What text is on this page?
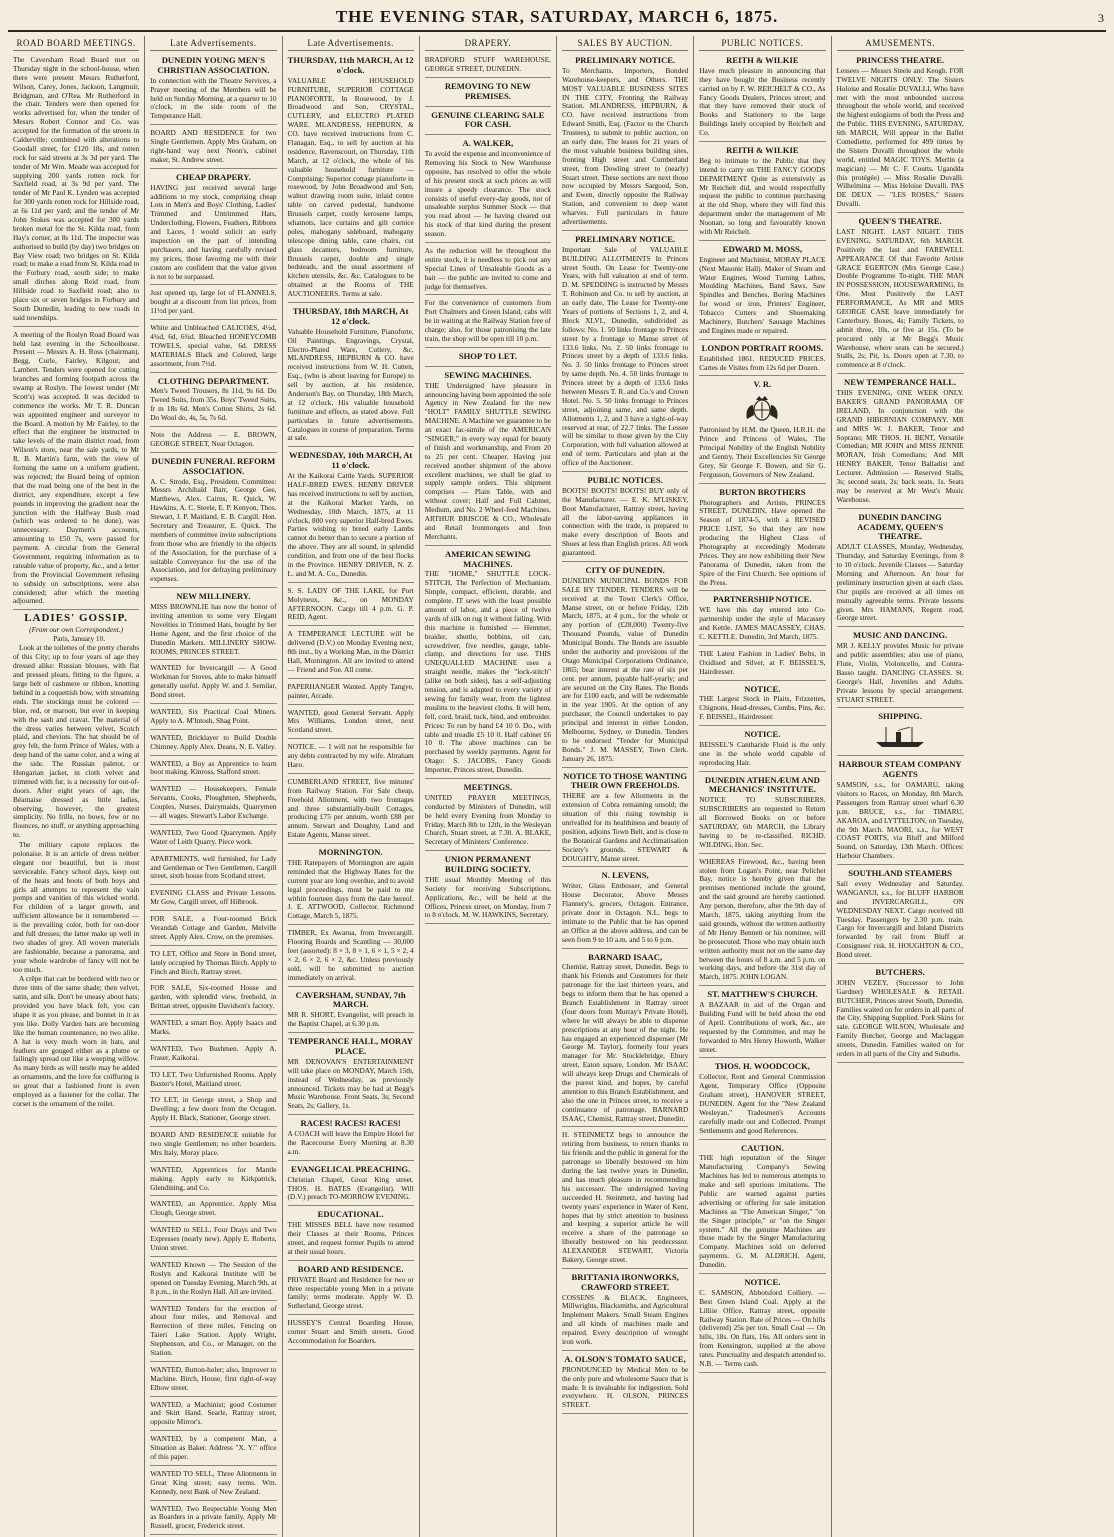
THE EVENING STAR, SATURDAY, MARCH 6, 1875.	3
ROAD BOARD MEETINGS.
The Caversham Road Board met on Thursday night in the school-house, when there were present Messrs Rutherford, Wilson, Carey, Jones, Jackson, Langmuir, Bridgman, and O'Rea. Mr Rutherford in the chair. Tenders were then opened for works advertised for, when the tender of Messrs Robert Connor and Co. was accepted for the formation of the streets in Calderville; combined with alterations to Goodall street, for £120 18s, and rotten rock for said streets at 3s 3d per yard. The tender of Mr Wm. Meade was accepted for supplying 200 yards rotten rock for Saxfield road, at 3s 9d per yard. The tender of Mr Paul K. Lynden was accepted for 300 yards rotten rock for Hillside road, at 6s 11d per yard; and the tender of Mr John Stokes was accepted for 300 yards broken metal for the St. Kilda road, from Hay's corner, at 8s 11d. The inspector was authorised to build (by day) two bridges on Bay View road; two bridges on St. Kilda road; to make a road from St. Kilda road to the Forbury road, south side; to make small ditches along Reid road, from Hillside road to Saxfield road; also to place six or seven bridges in Forbury and South Dunedin, leading to new roads in said townships.
A meeting of the Roslyn Road Board was held last evening in the Schoolhouse. Present — Messrs A. H. Ross (chairman), Begg, Curle, Fairley, Kilgour, and Lambert. Tenders were opened for cutting branches and forming footpath across the swamp at Roslyn. The lowest tender (Mr Scott's) was accepted. It was decided to commence the works. Mr T. R. Duncan was appointed engineer and surveyor to the Board. A motion by Mr Fairley, to the effect that the engineer be instructed to take levels of the main district road, from Wilson's store, near the sale yards, to Mr R. B. Martin's farm, with the view of forming the same on a uniform gradient, was rejected; the Board being of opinion that the road being one of the best in the district, any expenditure, except a few pounds in improving the gradient near the junction with the Halfway Bush road (which was ordered to be done), was unnecessary. Daymen's accounts, amounting to £50 7s, were passed for payment. A circular from the General Government, requiring information as to rateable value of property, &c., and a letter from the Provincial Government refusing to subsidy on subscriptions, were also considered; after which the meeting adjourned.
LADIES' GOSSIP.
(From our own Correspondent.)

Paris, January 10.

Look at the toilettes of the pretty cherubs of this City; up to four years of age they dressed alike: Russian blouses, with flat and pressed pleats, fitting to the figure, a large belt of cashmere or ribbon, knotting behind in a coquettish bow, with streaming ends. The stockings must be colored — blue, red, or maroon, but ever in keeping with the sash and cravat. The material of the dress varies between velvet, Scotch plaid, and cheviots. The hat should be of grey felt, the form Prince of Wales, with a deep band of the same color, and a wing at the side. The Russian paletot, or Hungarian jacket, in cloth velvet and trimmed with fur, is a necessity for out-of-doors. After eight years of age, the Béarnaise dressed as little ladies, observing, however, the greatest simplicity. No frills, no bows, few or no flounces, no stuff, or anything approaching to.

The military capote replaces the polonaise. It is an article of dress neither elegant nor beautiful, but is most serviceable. Fancy school days, keep out of the heats and boots of both boys and girls all attempts to represent the vain pomps and vanities of this wicked world. For children of a larger growth, and sufficient allowance be it remembered — is the prevailing color, both for out-door and full dresses; the latter make up well in two shades of grey. All woven materials are fashionable, because a panorama, and your whole wardrobe of fancy will not be too much.

A crêpe that can be bordered with two or three tints of the same shade; then velvet, satin, and silk. Don't be uneasy about hats; provided you have black felt, you can shape it as you please, and bonnet in it as you like. Dolly Varden hats are becoming like the human countenance, no two alike. A hat is very much worn in hats, and feathers are gouged either as a plume or failingly spread out like a weeping willow. As many birds as will nestle may be added as ornaments, and the love for coiffuring is so great that a fashioned front is even employed as a fastener for the collar. The corset is the ornament of the toilet.

Late Advertisements.
DUNEDIN YOUNG MEN'S CHRISTIAN ASSOCIATION.
In connection with the Theatre Services, a Prayer meeting of the Members will be held on Sunday Morning, at a quarter to 10 o'clock, in the side room of the Temperance Hall.
BOARD AND RESIDENCE for two Single Gentlemen. Apply Mrs Graham, on right-hand way next Neon's, cabinet maker, St. Andrew street.
CHEAP DRAPERY.
HAVING just received several large additions to my stock, comprising cheap Lots in Men's and Boys' Clothing, Ladies' Trimmed and Untrimmed Hats, Underclothing, Flowers, Feathers, Ribbons and Laces, I would solicit an early inspection on the part of intending purchasers, and having carefully revised my prices, those favoring me with their custom are confident that the value given is not to be surpassed.
Just opened up, large lot of FLANNELS, bought at a discount from list prices, from 11½d per yard.
White and Unbleached CALICOES, 4½d, 4¾d, 6d, 6¾d. Bleached HONEYCOMB TOWELS, special value, 6d. DRESS MATERIALS Black and Colored, large assortment, from 7½d.
CLOTHING DEPARTMENT.
Men's Tweed Trousers, 8s 11d, 9s 6d. Do Tweed Suits, from 35s. Boys' Tweed Suits, fr m 18s 6d. Men's Cotton Shirts, 2s 6d. Do Wool do, 4s, 5s, 7s 6d.
Note the Address — E. BROWN, GEORGE STREET, Near Octagon.
DUNEDIN FUNERAL REFORM ASSOCIATION.
A. C. Strode, Esq., President. Committee: Messrs Archibald Barr, George Gee, Matthews, Alex. Cairns, R. Quick, W. Hawkins, A. C. Steele, E. P. Kenyon, Thos. Stewart, J. P. Maitland, E. B. Cargill. Hon. Secretary and Treasurer, E. Quick. The members of committee invite subscriptions from those who are friendly to the objects of the Association, for the purchase of a suitable Conveyance for the use of the Association, and for defraying preliminary expenses.
NEW MILLINERY.
MISS BROWNLIE has now the honor of inviting attention to some very Elegant Novelties in Trimmed Hats, bought by her Home Agent, and the first choice of the Dunedin Markets. MILLINERY SHOW-ROOMS, PRINCES STREET.
WANTED for Invercargill — A Good Workman for Stoves, able to make himself generally useful. Apply W. and J. Semilar, Bond street.
WANTED, Six Practical Coal Miners. Apply to A. M'Intosh, Shag Point.
WANTED, Bricklayer to Build Double Chimney. Apply Alex. Deans, N. E. Valley.
WANTED, a Boy as Apprentice to learn boot making. Kinross, Stafford street.
WANTED — Housekeepers, Female Servants, Cooks, Ploughmen, Shepherds, Couples, Nurses, Dairymaids, Quarrymen — all wages. Stewart's Labor Exchange.
WANTED, Two Good Quarrymen. Apply Water of Leith Quarry. Piece work.
APARTMENTS, well furnished, for Lady and Gentleman or Two Gentlemen, Cargill street, sixth house from Scotland street.
EVENING CLASS and Private Lessons. Mr Gow, Cargill street, off Hilbrook.
FOR SALE, a Four-roomed Brick Verandah Cottage and Garden, Melville street. Apply Alex. Crow, on the premises.
TO LET, Office and Store in Bond street, lately occupied by Thomas Birch. Apply to Finch and Birch, Rattray street.
FOR SALE, Six-roomed House and garden, with splendid view, freehold, in Brittan street, opposite Davidson's factory.
WANTED, a smart Boy. Apply Isaacs and Marks.
WANTED, Two Bushmen. Apply A. Fraser, Kaikorai.
TO LET, Two Unfurnished Rooms. Apply Baxter's Hotel, Maitland street.
TO LET, in George street, a Shop and Dwelling; a few doors from the Octagon. Apply H. Black, Stationer, George street.
BOARD AND RESIDENCE suitable for two single Gentlemen; no other boarders. Mrs Italy, Moray place.
WANTED, Apprentices for Mantle making. Apply early to Kirkpatrick, Glendining, and Co.
WANTED, an Apprentice. Apply Miss Clough, George street.
WANTED to SELL, Four Drays and Two Expresses (nearly new). Apply E. Roberts, Union street.
WANTED Known — The Session of the Roslyn and Kaikorai Institute will be opened on Tuesday Evening, March 9th, at 8 p.m., in the Roslyn Hall. All are invited.
WANTED Tenders for the erection of about four miles, and Removal and Reerection of three miles, Fencing on Taieri Lake Station. Apply Wright, Stephenson, and Co., or Manager, on the Station.
WANTED, Button-holer; also, Improver to Machine. Birch, House, first right-of-way Elbow street.
WANTED, a Machinist; good Costumer and Skirt Hand. Searle, Rattray street, opposite Mirror's.
WANTED, by a competent Man, a Situation as Baker. Address "X. Y." office of this paper.
WANTED TO SELL, Three Allotments in Great King street; easy terms. Wm. Kennedy, next Bank of New Zealand.
WANTED, Two Respectable Young Men as Boarders in a private family. Apply Mr Russell, grocer, Frederick street.
Late Advertisements.
THURSDAY, 11th MARCH, At 12 o'clock.
VALUABLE HOUSEHOLD FURNITURE, SUPERIOR COTTAGE PIANOFORTE, In Rosewood, by J. Broadwood and Son, CRYSTAL, CUTLERY, and ELECTRO PLATED WARE. MLANDRESS, HEPBURN, & CO. have received instructions from C. Flanagan, Esq., to sell by auction at his residence, Ravenscourt, on Thursday, 11th March, at 12 o'clock, the whole of his valuable household furniture — Comprising: Superior cottage pianoforte in rosewood, by John Broadwood and Son, walnut drawing room suite, inlaid centre table on carved pedestal, handsome Brussels carpet, costly kerosene lamps, whatnots, lace curtains and gilt cornice poles, mahogany sideboard, mahogany telescope dining table, cane chairs, cut glass decanters, bedroom furniture, Brussels carpet, double and single bedsteads, and the usual assortment of kitchen utensils, &c. &c. Catalogues to be obtained at the Rooms of THE AUCTIONEERS. Terms at sale.
THURSDAY, 18th MARCH, At 12 o'clock.
Valuable Household Furniture, Pianoforte, Oil Paintings, Engravings, Crystal, Electro-Plated Ware, Cutlery, &c. MLANDRESS, HEPBURN & CO. have received instructions from W. H. Cutten, Esq., (who is about leaving for Europe) to sell by auction, at his residence, Anderson's Bay, on Thursday, 18th March, at 12 o'clock, His valuable household furniture and effects, as stated above. Full particulars in future advertisements. Catalogues in course of preparation. Terms at sale.
WEDNESDAY, 10th MARCH, At 11 o'clock.
At the Kaikorai Cattle Yards. SUPERIOR HALF-BRED EWES. HENRY DRIVER has received instructions to sell by auction, at the Kaikorai Market Yards, on Wednesday, 10th March, 1875, at 11 o'clock, 800 very superior Half-bred Ewes. Parties wishing to breed early Lambs cannot do better than to secure a portion of the above. They are all sound, in splendid condition, and from one of the best flocks in the Province. HENRY DRIVER, N. Z. L. and M. A. Co., Dunedin.
S. S. LADY OF THE LAKE, for Port Molyneux, &c., on MONDAY AFTERNOON. Cargo till 4 p.m. G. P. REID, Agent.
A TEMPERANCE LECTURE will be delivered (D.V.) on Monday Evening next, 8th inst., by a Working Man, in the District Hall, Mornington. All are invited to attend — Friend and Foe. All come.
PAPERHANGER Wanted. Apply Tangye, painter, Arcade.
WANTED, good General Servant. Apply Mrs Williams, London street, next Scotland street.
NOTICE. — I will not be responsible for any debts contracted by my wife. Abraham Haro.
CUMBERLAND STREET, five minutes' from Railway Station. For Sale cheap, Freehold Allotment, with two frontages and three substantially-built Cottages, producing £75 per annum, worth £88 per annum. Stewart and Doughty, Land and Estate Agents, Manse street.
MORNINGTON.
THE Ratepayers of Mornington are again reminded that the Highway Rates for the current year are long overdue, and to avoid legal proceedings, must be paid to me within fourteen days from the date hereof. J. E. ATTWOOD, Collector. Richmond Cottage, March 5, 1875.
TIMBER, Ex Awarua, from Invercargill. Flooring Boards and Scantling — 30,000 feet (assorted): 8 × 3, 8 × 1, 6 × 1, 5 × 2, 4 × 2, 6 × 2, 6 × 2, &c. Unless previously sold, will be submitted to auction immediately on arrival.
CAVERSHAM, SUNDAY, 7th MARCH.
MR R. SHORT, Evangelist, will preach in the Baptist Chapel, at 6.30 p.m.
TEMPERANCE HALL, MORAY PLACE.
MR DENOVAN'S ENTERTAINMENT will take place on MONDAY, March 15th, instead of Wednesday, as previously announced. Tickets may be had at Begg's Music Warehouse. Front Seats, 3s; Second Seats, 2s; Gallery, 1s.
RACES! RACES! RACES!
A COACH will leave the Empire Hotel for the Racecourse Every Morning at 8.30 a.m.
EVANGELICAL PREACHING.
Christian Chapel, Great King street. THOS. H. BATES (Evangelist). Will (D.V.) preach TO-MORROW EVENING.
EDUCATIONAL.
THE MISSES BELL have now resumed their Classes at their Rooms, Princes street, and request former Pupils to attend at their usual hours.
BOARD AND RESIDENCE.
PRIVATE Board and Residence for two or three respectable young Men in a private family; terms moderate. Apply W. D. Sutherland, George street.
HUSSEY'S Central Boarding House, corner Stuart and Smith streets. Good Accommodation for Boarders.
DRAPERY.
BRADFORD STUFF WAREHOUSE, GEORGE STREET, DUNEDIN.
REMOVING TO NEW PREMISES.
GENUINE CLEARING SALE FOR CASH.
A. WALKER,
To avoid the expense and inconvenience of Removing his Stock to New Warehouse opposite, has resolved to offer the whole of his present stock at such prices as will insure a speedy clearance. The stock consists of useful every-day goods, not of unsaleable surplus Summer Stock — that you read about — he having cleared out his stock of that kind during the present season.
As the reduction will be throughout the entire stock, it is needless to pick out any Special Lines of Unsaleable Goods as a bait — the public are invited to come and judge for themselves.
For the convenience of customers from Port Chalmers and Green Island, cabs will be in waiting at the Railway Station free of charge; also, for those patronising the late train, the shop will be open till 10 p.m.
SHOP TO LET.
SEWING MACHINES.
THE Undersigned have pleasure in announcing having been appointed the sole Agency in New Zealand for the new "HOLT" FAMILY SHUTTLE SEWING MACHINE. A Machine we guarantee to be an exact fac-simile of the AMERICAN "SINGER," in every way equal for beauty of finish and workmanship, and From 20 to 25 per cent. Cheaper. Having just received another shipment of the above excellent machines, we shall be glad to supply sample orders. This shipment comprises — Plain Table, with and without cover; Half and Full Cabinet, Medium, and No. 2 Wheel-feed Machines. ARTHUR BRISCOE & CO., Wholesale and Retail Ironmongers and Iron Merchants.
AMERICAN SEWING MACHINES.
THE "HOME," SHUTTLE LOCK-STITCH, The Perfection of Mechanism. Simple, compact, efficient, durable, and complete. IT sews with the least possible amount of labor, and a piece of twelve yards of silk on rug it without failing. With this machine is furnished — Hemmer, braider, shuttle, bobbins, oil can, screwdriver, five needles, gauge, table-clamp, and directions for use. THIS UNEQUALLED MACHINE uses a straight needle, makes the "lock-stitch" (alike on both sides), has a self-adjusting tension, and is adapted to every variety of sewing for family wear, from the lightest muslins to the heaviest cloths. It will hem, fell, cord, braid, tuck, bind, and embroider. Prices: To run by hand £4 10 0. Do., with table and treadle £5 10 0. Half cabinet £6 10 0. The above machines can be purchased by weekly payments. Agent for Otago: S. JACOBS, Fancy Goods Importer, Princes street, Dunedin.
MEETINGS.
UNITED PRAYER MEETINGS, conducted by Ministers of Dunedin, will be held every Evening from Monday to Friday, March 8th to 12th, in the Wesleyan Church, Stuart street, at 7.30. A. BLAKE, Secretary of Ministers' Conference.
UNION PERMANENT BUILDING SOCIETY.
THE usual Monthly Meeting of this Society for receiving Subscriptions, Applications, &c., will be held at the Offices, Princes street, on Monday, from 7 to 8 o'clock. M. W. HAWKINS, Secretary.
SALES BY AUCTION.
PRELIMINARY NOTICE.
To Merchants, Importers, Bonded Warehouse-keepers, and Others. THE MOST VALUABLE BUSINESS SITES IN THE CITY, Fronting the Railway Station. MLANDRESS, HEPBURN, & CO. have received instructions from Edward Smith, Esq. (Factor to the Church Trustees), to submit to public auction, on an early date, The leases for 21 years of the most valuable business building sites, fronting High street and Cumberland street, from Dowling street to (nearly) Stuart street. These sections are next those now occupied by Messrs Sargood, Son, and Ewen, directly opposite the Railway Station, and convenient to deep water wharves. Full particulars in future advertisements.
PRELIMINARY NOTICE.
Important Sale of VALUABLE BUILDING ALLOTMENTS In Princes street South. On Lease for Twenty-one Years, with full valuation at end of term. D. M. SPEDDING is instructed by Messrs T. Robinson and Co. to sell by auction, at an early date, The Lease for Twenty-one Years of portions of Sections 1, 2, and 4, Block XLVI., Dunedin, subdivided as follows: No. 1. 50 links frontage to Princes street by a frontage to Manse street of 133.6 links. No. 2. 50 links frontage to Princes street by a depth of 133.6 links. No. 3. 50 links frontage to Princes street by same depth. No. 4. 50 links frontage to Princes street by a depth of 133.6 links between Messrs T. R. and Co.'s and Crown Hotel. No. 5. 50 links frontage to Princes street, adjoining same, and same depth. Allotments 1, 2, and 3 have a right-of-way reserved at rear, of 22.7 links. The Lessee will be similar to those given by the City Corporation, with full valuation allowed at end of term. Particulars and plan at the office of the Auctioneer.
PUBLIC NOTICES.
BOOTS! BOOTS! BOOTS! BUY only of the Manufacturer. — E. K. M'LISKEY, Boot Manufacturer, Rattray street, having all the labor-saving appliances in connection with the trade, is prepared to make every description of Boots and Shoes at less than English prices. All work guaranteed.
CITY OF DUNEDIN.
DUNEDIN MUNICIPAL BONDS FOR SALE BY TENDER. TENDERS will be received at the Town Clerk's Office, Manse street, on or before Friday, 12th March, 1875, at 4 p.m., for the whole or any portion of (£28,000) Twenty-five Thousand Pounds, value of Dunedin Municipal Bonds. The Bonds are issuable under the authority and provisions of the Otago Municipal Corporations Ordinance, 1865; bear interest at the rate of six per cent. per annum, payable half-yearly; and are secured on the City Rates. The Bonds are for £100 each, and will be redeemable in the year 1905. At the option of any purchaser, the Council undertakes to pay principal and interest in either London, Melbourne, Sydney, or Dunedin. Tenders to be endorsed "Tender for Municipal Bonds." J. M. MASSEY, Town Clerk. January 26, 1875.
NOTICE TO THOSE WANTING THEIR OWN FREEHOLDS.
THERE are a few Allotments in the extension of Cobra remaining unsold; the situation of this rising township is unrivalled for its healthiness and beauty of position, adjoins Town Belt, and is close to the Botanical Gardens and Acclimatisation Society's grounds. STEWART & DOUGHTY, Manse street.
N. LEVENS,
Writer, Glass Embosser, and General House Decorator, Above Messrs Flannery's, grocers, Octagon. Entrance, private door in Octagon. N.L. begs to intimate to the Public that he has opened an Office at the above address, and can be seen from 9 to 10 a.m. and 5 to 6 p.m.
BARNARD ISAAC,
Chemist, Rattray street, Dunedin. Begs to thank his Friends and Customers for their patronage for the last thirteen years, and begs to inform them that he has opened a Branch Establishment in Rattray street (four doors from Murray's Private Hotel), where he will always be able to dispense prescriptions at any hour of the night. He has engaged an experienced dispenser (Mr George M. Taylor), formerly four years manager for Mr. Stocklebridge, Ebury street, Eaton square, London. Mr ISAAC will always keep Drugs and Chemicals of the purest kind, and hopes, by careful attention to this Branch Establishment, and also the one in Princes street, to receive a continuance of patronage. BARNARD ISAAC, Chemist, Rattray street, Dunedin.
H. STEINMETZ begs to announce the retiring from business, to return thanks to his friends and the public in general for the patronage so liberally bestowed on him during the last twelve years in Dunedin, and has much pleasure in recommending his successor. The undersigned having succeeded H. Steinmetz, and having had twenty years' experience in Water of Kent, hopes that by strict attention to business and keeping a superior article he will receive a share of the patronage so liberally bestowed on his predecessor. ALEXANDER STEWART, Victoria Bakery, George street.
BRITTANIA IRONWORKS, CRAWFORD STREET.
COSSENS & BLACK, Engineers, Millwrights, Blacksmiths, and Agricultural Implement Makers. Small Steam Engines and all kinds of machines made and repaired. Every description of wrought iron work.
A. OLSON'S TOMATO SAUCE,
PRONOUNCED by Medical Men to be the only pure and wholesome Sauce that is made. It is invaluable for indigestion. Sold everywhere. H. OLSON, PRINCES STREET.
PUBLIC NOTICES.
REITH & WILKIE
Have much pleasure in announcing that they have bought the Business recently carried on by F. W. REICHELT & CO., As Fancy Goods Dealers, Princes street; and that they have removed their stock of Books and Stationery to the large Buildings lately occupied by Reichelt and Co.
REITH & WILKIE
Beg to intimate to the Public that they intend to carry on THE FANCY GOODS DEPARTMENT Quite as extensively as Mr Reichelt did, and would respectfully request the public to continue purchasing at the old Shop, where they will find this department under the management of Mr Noonan, so long and favourably known with Mr Reichelt.
EDWARD M. MOSS,
Engineer and Machinist, MORAY PLACE (Next Masonic Hall). Maker of Steam and Water Engines, Wood Turning Lathes, Moulding Machines, Band Saws, Saw Spindles and Benches, Boring Machines for wood or iron, Printers' Engineer, Tobacco Cutters and Shoemaking Machinery, Butchers' Sausage Machines and Engines made or repaired.
LONDON PORTRAIT ROOMS.
Established 1861. REDUCED PRICES. Cartes de Visites from 12s 6d per Dozen.
V. R.
Patronised by H.M. the Queen, H.R.H. the Prince and Princess of Wales, The Principal Nobility of the English Nobility and Gentry, Their Excellencies Sir George Grey, Sir George F. Bowen, and Sir G. Fergusson, Governors of New Zealand.
BURTON BROTHERS
Photographers and Artists, PRINCES STREET, DUNEDIN, Have opened the Season of 1874-5, with a REVISED PRICE LIST, So that they are now producing the Highest Class of Photography at exceedingly Moderate Prices. They are now exhibiting their New Panorama of Dunedin, taken from the Spire of the First Church. See opinions of the Press.
PARTNERSHIP NOTICE.
WE have this day entered into Co-partnership under the style of Macassey and Kettle. JAMES MACASSEY, CHAS. C. KETTLE. Dunedin, 3rd March, 1875.
THE Latest Fashion in Ladies' Belts, in Oxidised and Silver, at F. BEISSEL'S, Hairdresser.
NOTICE.
THE Largest Stock in Plaits, Frizzettes, Chignons, Head-dresses, Combs, Pins, &c. F. BEISSEL, Hairdresser.
NOTICE.
BEISSEL'S Cantharide Fluid is the only one in the whole world capable of reproducing Hair.
DUNEDIN ATHENÆUM AND MECHANICS' INSTITUTE.
NOTICE TO SUBSCRIBERS. SUBSCRIBERS are requested to Return all Borrowed Books on or before SATURDAY, 6th MARCH, the Library having to be re-classified. RICHD. WILDING, Hon. Sec.
WHEREAS Firewood, &c., having been stolen from Logan's Point, near Pelichet Bay, notice is hereby given that the premises mentioned include the ground, and the said ground are hereby cautioned. Any person, therefore, after the 9th day of March, 1875, taking anything from the said grounds, without the written authority of Mr Henry Bennett or his nominee, will be prosecuted. Those who may obtain such written authority must not on the same day between the hours of 8 a.m. and 5 p.m. on working days, and before the 31st day of March, 1875. JOHN LOGAN.
ST. MATTHEW'S CHURCH.
A BAZAAR in aid of the Organ and Building Fund will be held about the end of April. Contributions of work, &c., are requested by the Committee, and may be forwarded to Mrs Henry Howorth, Walker street.
THOS. H. WOODCOCK,
Collector, Rent and General Commission Agent, Temporary Office (Opposite Graham street), HANOVER STREET, DUNEDIN. Agent for the "New Zealand Wesleyan." Tradesmen's Accounts carefully made out and Collected. Prompt Settlements and good References.
CAUTION.
THE high reputation of the Singer Manufacturing Company's Sewing Machines has led to numerous attempts to make and sell spurious imitations. The Public are warned against parties advertising or offering for sale imitation Machines as "The American Singer," "on the Singer principle," or "on the Singer system." All the genuine Machines are those made by the Singer Manufacturing Company. Machines sold on deferred payments. G. M. ALDRICH, Agent, Dunedin.
NOTICE.
C. SAMSON, Abbotsford Colliery. — Best Green Island Coal. Apply at the Lilliie Office, Rattray street, opposite Railway Station. Rate of Prices — On hills (delivered) 25s per ton. Small Coal — On hills, 18s. On flats, 16s. All orders sent in from Kensington, supplied at the above rates. Punctuality and despatch attended to. N.B. — Terms cash.
AMUSEMENTS.
PRINCESS THEATRE.
Lessees — Messrs Steele and Keogh. FOR TWELVE NIGHTS ONLY. The Sisters Holoise and Rosalie DUVALLI, Who have met with the most unbounded success throughout the whole world, and received the highest eulogiums of both the Press and the Public. THIS EVENING, SATURDAY, 6th MARCH, Will appear in the Ballet Comediette, performed for 499 times by the Sisters Duvalli throughout the whole world, entitled MAGIC TOYS. Merlin (a magician) — Mr C. F. Coutts. Ugandda (his protégée) — Miss Rosalie Duvalli. Wilhelmina — Miss Heloise Duvalli. PAS DE DEUX — "LES ROSES," Sisters Duvalli.
QUEEN'S THEATRE.
LAST NIGHT. LAST NIGHT. THIS EVENING, SATURDAY, 6th MARCH. Positively the last and FAREWELL APPEARANCE Of that Favorite Artiste GRACE EGERTON (Mrs George Case.) Double Programme To-night. THE MAN IN POSSESSION, HOUSEWARMING, In One. Most Positively the LAST PERFORMANCE, As MR and MRS GEORGE CASE leave immediately for Canterbury. Boxes, 4s; Family Tickets, to admit three, 10s, or five at 15s. (To be procured only at Mr Begg's Music Warehouse, where seats can be secured.) Stalls, 2s; Pit, 1s. Doors open at 7.30, to commence at 8 o'clock.
NEW TEMPERANCE HALL.
THIS EVENING, ONE WEEK ONLY. BAKER'S GRAND PANORAMA OF IRELAND, In conjunction with the GRAND HIBERNIAN COMPANY. MR and MRS W. J. BAKER, Tenor and Soprano; MR THOS. H. BENT, Versatile Comedian; MR JOHN and MISS JENNIE MORAN, Irish Comedians; And MR HENRY BAKER, Tenor Balladist and Lecturer. Admission — Reserved Stalls, 3s; second seats, 2s; back seats, 1s. Seats may be reserved at Mr West's Music Warehouse.
DUNEDIN DANCING ACADEMY, QUEEN'S THEATRE.
ADULT CLASSES, Monday, Wednesday, Thursday, and Saturday Evenings, from 8 to 10 o'clock. Juvenile Classes — Saturday Morning and Afternoon. An hour for preliminary instruction given at each class. Our pupils are received at all times on mutually agreeable terms. Private lessons given. Mrs HAMANN, Regent road, George street.
MUSIC AND DANCING.
MR J. KELLY provides Music for private and public assemblies; also use of piano, Flute, Violin, Violoncello, and Contra-Basso taught. DANCING CLASSES. St. George's Hall, Juveniles and Adults. Private lessons by special arrangement. STUART STREET.
SHIPPING.
HARBOUR STEAM COMPANY AGENTS
SAMSON, s.s., for OAMARU, taking visitors to Races, on Monday, 8th March. Passengers from Rattray street wharf 6.30 p.m. BRUCE, s.s., for TIMARU, AKAROA, and LYTTELTON, on Tuesday, the 9th March. MAORI, s.s., for WEST COAST PORTS, via Bluff and Milford Sound, on Saturday, 13th March. Offices: Harbour Chambers.
SOUTHLAND STEAMERS
Sail every Wednesday and Saturday. WANGANUI, s.s., for BLUFF HARBOR and INVERCARGILL, ON WEDNESDAY NEXT. Cargo received till Tuesday. Passengers by 2.30 p.m. train. Cargo for Invercargill and Inland Districts forwarded by rail from Bluff at Consignees' risk. H. HOUGHTON & CO., Bond street.
BUTCHERS.
JOHN VEZEY, (Successor to John Gardner) WHOLESALE & RETAIL BUTCHER, Princes street South, Dunedin. Families waited on for orders in all parts of the City. Shipping Supplied. Pork Skins for sale. GEORGE WILSON, Wholesale and Family Butcher, George and Maclaggan streets, Dunedin. Families waited on for orders in all parts of the City and Suburbs.
